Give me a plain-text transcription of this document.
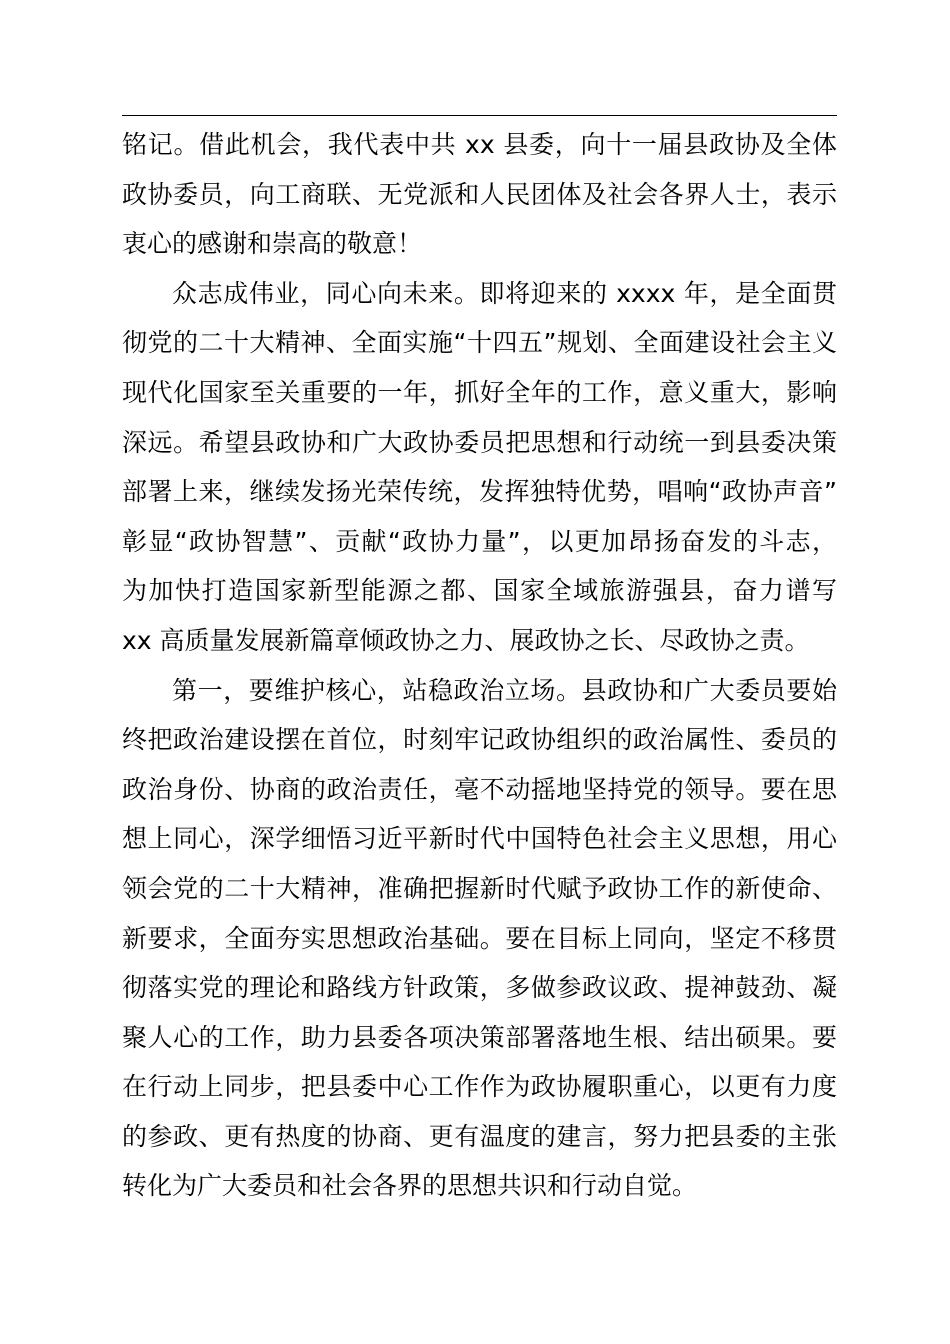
铭记。借此机会，我代表中共 xx 县委，向十一届县政协及全体
政协委员，向工商联、无党派和人民团体及社会各界人士，表示
衷心的感谢和崇高的敬意！
众志成伟业，同心向未来。即将迎来的 xxxx 年，是全面贯
彻党的二十大精神、全面实施“十四五”规划、全面建设社会主义
现代化国家至关重要的一年，抓好全年的工作，意义重大，影响
深远。希望县政协和广大政协委员把思想和行动统一到县委决策
部署上来，继续发扬光荣传统，发挥独特优势，唱响“政协声音”
彰显“政协智慧”、贡献“政协力量”，以更加昂扬奋发的斗志，
为加快打造国家新型能源之都、国家全域旅游强县，奋力谱写
xx 高质量发展新篇章倾政协之力、展政协之长、尽政协之责。
第一，要维护核心，站稳政治立场。县政协和广大委员要始
终把政治建设摆在首位，时刻牢记政协组织的政治属性、委员的
政治身份、协商的政治责任，毫不动摇地坚持党的领导。要在思
想上同心，深学细悟习近平新时代中国特色社会主义思想，用心
领会党的二十大精神，准确把握新时代赋予政协工作的新使命、
新要求，全面夯实思想政治基础。要在目标上同向，坚定不移贯
彻落实党的理论和路线方针政策，多做参政议政、提神鼓劲、凝
聚人心的工作，助力县委各项决策部署落地生根、结出硕果。要
在行动上同步，把县委中心工作作为政协履职重心，以更有力度
的参政、更有热度的协商、更有温度的建言，努力把县委的主张
转化为广大委员和社会各界的思想共识和行动自觉。
